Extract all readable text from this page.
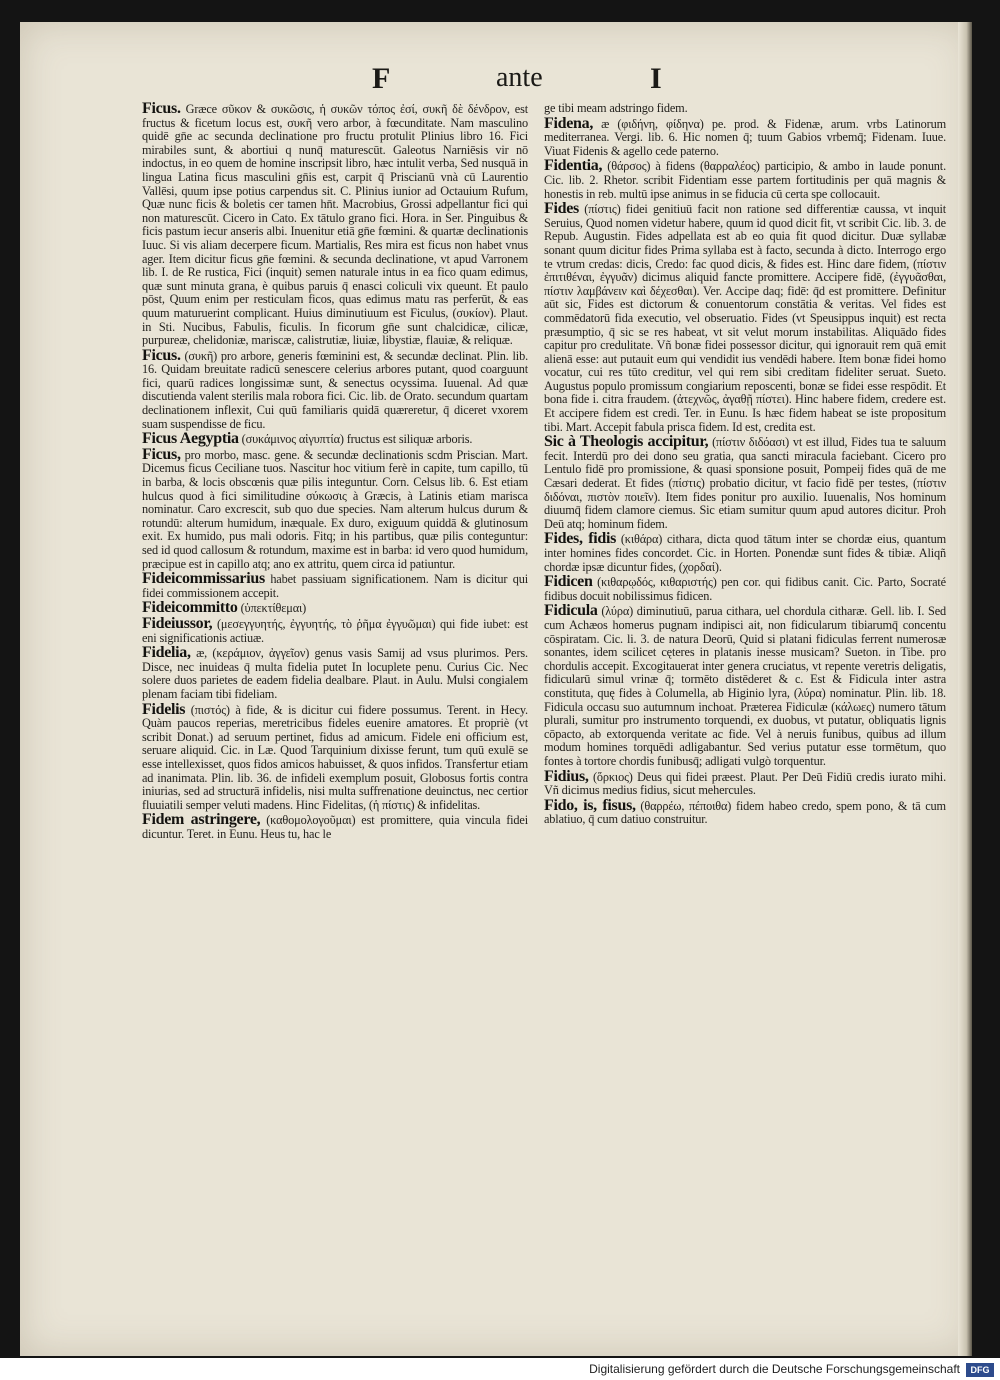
F	ante	I

Ficus. Græce σῦκον & συκῶσις, ἡ συκῶν τόπος ἐσί, συκῆ δὲ δένδρον, est fructus & ficetum locus est, συκῆ vero arbor, à fœcunditate. Nam masculino quidē gn̄e ac secunda declinatione pro fructu protulit Plinius libro 16. Fici mirabiles sunt, & abortiui q nunq̄ maturescūt. Galeotus Narniēsis vir nō indoctus, in eo quem de homine inscripsit libro, hæc intulit verba, Sed nusquā in lingua Latina ficus masculini gn̄is est, carpit q̄ Priscianū vnà cū Laurentio Vallēsi, quum ipse potius carpendus sit. C. Plinius iunior ad Octauium Rufum, Quæ nunc ficis & boletis cer tamen hn̄t. Macrobius, Grossi adpellantur fici qui non maturescūt. Cicero in Cato. Ex tātulo grano fici. Hora. in Ser. Pinguibus & ficis pastum iecur anseris albi. Inuenitur etiā gn̄e fœmini. & quartæ declinationis Iuuc. Si vis aliam decerpere ficum. Martialis, Res mira est ficus non habet vnus ager. Item dicitur ficus gn̄e fœmini. & secunda declinatione, vt apud Varronem lib. I. de Re rustica, Fici (inquit) semen naturale intus in ea fico quam edimus, quæ sunt minuta grana, è quibus paruis q̄ enasci coliculi vix queunt. Et paulo pōst, Quum enim per resticulam ficos, quas edimus matu ras perferūt, & eas quum maturuerint complicant. Huius diminutiuum est Ficulus, (συκίον). Plaut. in Sti. Nucibus, Fabulis, ficulis. In ficorum gn̄e sunt chalcidicæ, cilicæ, purpureæ, chelidoniæ, mariscæ, calistrutiæ, liuiæ, libystiæ, flauiæ, & reliquæ.

Ficus. (συκῆ) pro arbore, generis fœminini est, & secundæ declinat. Plin. lib. 16. Quidam breuitate radicū senescere celerius arbores putant, quod coarguunt fici, quarū radices longissimæ sunt, & senectus ocyssima. Iuuenal. Ad quæ discutienda valent sterilis mala robora fici. Cic. lib. de Orato. secundum quartam declinationem inflexit, Cui quū familiaris quidā quæreretur, q̄ diceret vxorem suam suspendisse de ficu.

Ficus Aegyptia (συκάμινος αἰγυπτία) fructus est siliquæ arboris.

Ficus, pro morbo, masc. gene. & secundæ declinationis scdm Priscian. Mart. Dicemus ficus Ceciliane tuos. Nascitur hoc vitium ferè in capite, tum capillo, tū in barba, & locis obscœnis quæ pilis integuntur. Corn. Celsus lib. 6. Est etiam hulcus quod à fici similitudine σύκωσις à Græcis, à Latinis etiam marisca nominatur. Caro excrescit, sub quo due species. Nam alterum hulcus durum & rotundū: alterum humidum, inæquale. Ex duro, exiguum quiddā & glutinosum exit. Ex humido, pus mali odoris. Fitq; in his partibus, quæ pilis conteguntur: sed id quod callosum & rotundum, maxime est in barba: id vero quod humidum, præcipue est in capillo atq; ano ex attritu, quem circa id patiuntur.

Fideicommissarius habet passiuam significationem. Nam is dicitur qui fidei commissionem accepit.

Fideicommitto (ὑπεκτίθεμαι)

Fideiussor, (μεσεγγυητής, ἐγγυητής, τὸ ῥῆμα ἐγγυῶμαι) qui fide iubet: est eni significationis actiuæ.

Fidelia, æ, (κεράμιον, ἀγγεῖον) genus vasis Samij ad vsus plurimos. Pers. Disce, nec inuideas q̄ multa fidelia putet In locuplete penu. Curius Cic. Nec solere duos parietes de eadem fidelia dealbare. Plaut. in Aulu. Mulsi congialem plenam faciam tibi fideliam.

Fidelis (πιστός) à fide, & is dicitur cui fidere possumus. Terent. in Hecy. Quàm paucos reperias, meretricibus fideles euenire amatores. Et propriè (vt scribit Donat.) ad seruum pertinet, fidus ad amicum. Fidele eni officium est, seruare aliquid. Cic. in Læ. Quod Tarquinium dixisse ferunt, tum quū exulē se esse intellexisset, quos fidos amicos habuisset, & quos infidos. Transfertur etiam ad inanimata. Plin. lib. 36. de infideli exemplum posuit, Globosus fortis contra iniurias, sed ad structurā infidelis, nisi multa suffrenatione deuinctus, nec certior fluuiatili semper veluti madens. Hinc Fidelitas, (ἡ πίστις) & infidelitas.

Fidem astringere, (καθομολογοῦμαι) est promittere, quia vincula fidei dicuntur. Teret. in Eunu. Heus tu, hac le

ge tibi meam adstringo fidem.

Fidena, æ (φιδήνη, φίδηνα) pe. prod. & Fidenæ, arum. vrbs Latinorum mediterranea. Vergi. lib. 6. Hic nomen q̄; tuum Gabios vrbemq̄; Fidenam. Iuue. Viuat Fidenis & agello cede paterno.

Fidentia, (θάρσος) à fidens (θαρραλέος) participio, & ambo in laude ponunt. Cic. lib. 2. Rhetor. scribit Fidentiam esse partem fortitudinis per quā magnis & honestis in reb. multū ipse animus in se fiducia cū certa spe collocauit.

Fides (πίστις) fidei genitiuū facit non ratione sed differentiæ caussa, vt inquit Seruius, Quod nomen videtur habere, quum id quod dicit fit, vt scribit Cic. lib. 3. de Repub. Augustin. Fides adpellata est ab eo quia fit quod dicitur. Duæ syllabæ sonant quum dicitur fides Prima syllaba est à facto, secunda à dicto. Interrogo ergo te vtrum credas: dicis, Credo: fac quod dicis, & fides est. Hinc dare fidem, (πίστιν ἐπιτιθέναι, ἐγγυᾶν) dicimus aliquid fancte promittere. Accipere fidē, (ἐγγυᾶσθαι, πίστιν λαμβάνειν καὶ δέχεσθαι). Ver. Accipe daq; fidē: q̄d est promittere. Definitur aūt sic, Fides est dictorum & conuentorum constātia & veritas. Vel fides est commēdatorū fida executio, vel obseruatio. Fides (vt Speusippus inquit) est recta præsumptio, q̄ sic se res habeat, vt sit velut morum instabilitas. Aliquādo fides capitur pro credulitate. Vñ bonæ fidei possessor dicitur, qui ignorauit rem quā emit alienā esse: aut putauit eum qui vendidit ius vendēdi habere. Item bonæ fidei homo vocatur, cui res tūto creditur, vel qui rem sibi creditam fideliter seruat. Sueto. Augustus populo promissum congiarium reposcenti, bonæ se fidei esse respōdit. Et bona fide i. citra fraudem. (ἀτεχνῶς, ἀγαθῇ πίστει). Hinc habere fidem, credere est. Et accipere fidem est credi. Ter. in Eunu. Is hæc fidem habeat se iste propositum tibi. Mart. Accepit fabula prisca fidem. Id est, credita est.

Sic à Theologis accipitur, (πίστιν διδόασι) vt est illud, Fides tua te saluum fecit. Interdū pro dei dono seu gratia, qua sancti miracula faciebant. Cicero pro Lentulo fidē pro promissione, & quasi sponsione posuit, Pompeij fides quā de me Cæsari dederat. Et fides (πίστις) probatio dicitur, vt facio fidē per testes, (πίστιν διδόναι, πιστὸν ποιεῖν). Item fides ponitur pro auxilio. Iuuenalis, Nos hominum diuumq̄ fidem clamore ciemus. Sic etiam sumitur quum apud autores dicitur. Proh Deū atq; hominum fidem.

Fides, fidis (κιθάρα) cithara, dicta quod tātum inter se chordæ eius, quantum inter homines fides concordet. Cic. in Horten. Ponendæ sunt fides & tibiæ. Aliqñ chordæ ipsæ dicuntur fides, (χορδαί).

Fidicen (κιθαρῳδός, κιθαριστής) pen cor. qui fidibus canit. Cic. Parto, Socraté fidibus docuit nobilissimus fidicen.

Fidicula (λύρα) diminutiuū, parua cithara, uel chordula citharæ. Gell. lib. I. Sed cum Achæos homerus pugnam indipisci ait, non fidicularum tibiarumq̄ concentu cōspiratam. Cic. li. 3. de natura Deorū, Quid si platani fidiculas ferrent numerosæ sonantes, idem scilicet cęteres in platanis inesse musicam? Sueton. in Tibe. pro chordulis accepit. Excogitauerat inter genera cruciatus, vt repente veretris deligatis, fidicularū simul vrinæ q̄; tormēto distēderet & c. Est & Fidicula inter astra constituta, quę fides à Columella, ab Higinio lyra, (λύρα) nominatur. Plin. lib. 18. Fidicula occasu suo autumnum inchoat. Præterea Fidiculæ (κάλωες) numero tātum plurali, sumitur pro instrumento torquendi, ex duobus, vt putatur, obliquatis lignis cōpacto, ab extorquenda veritate ac fide. Vel à neruis funibus, quibus ad illum modum homines torquēdi adligabantur. Sed verius putatur esse tormētum, quo fontes à tortore chordis funibusq̄; adligati vulgò torquentur.

Fidius, (ὅρκιος) Deus qui fidei præest. Plaut. Per Deū Fidiū credis iurato mihi. Vñ dicimus medius fidius, sicut mehercules.

Fido, is, fisus, (θαρρέω, πέποιθα) fidem habeo credo, spem pono, & tā cum ablatiuo, q̄ cum datiuo construitur.

Digitalisierung gefördert durch die Deutsche Forschungsgemeinschaft	DFG
